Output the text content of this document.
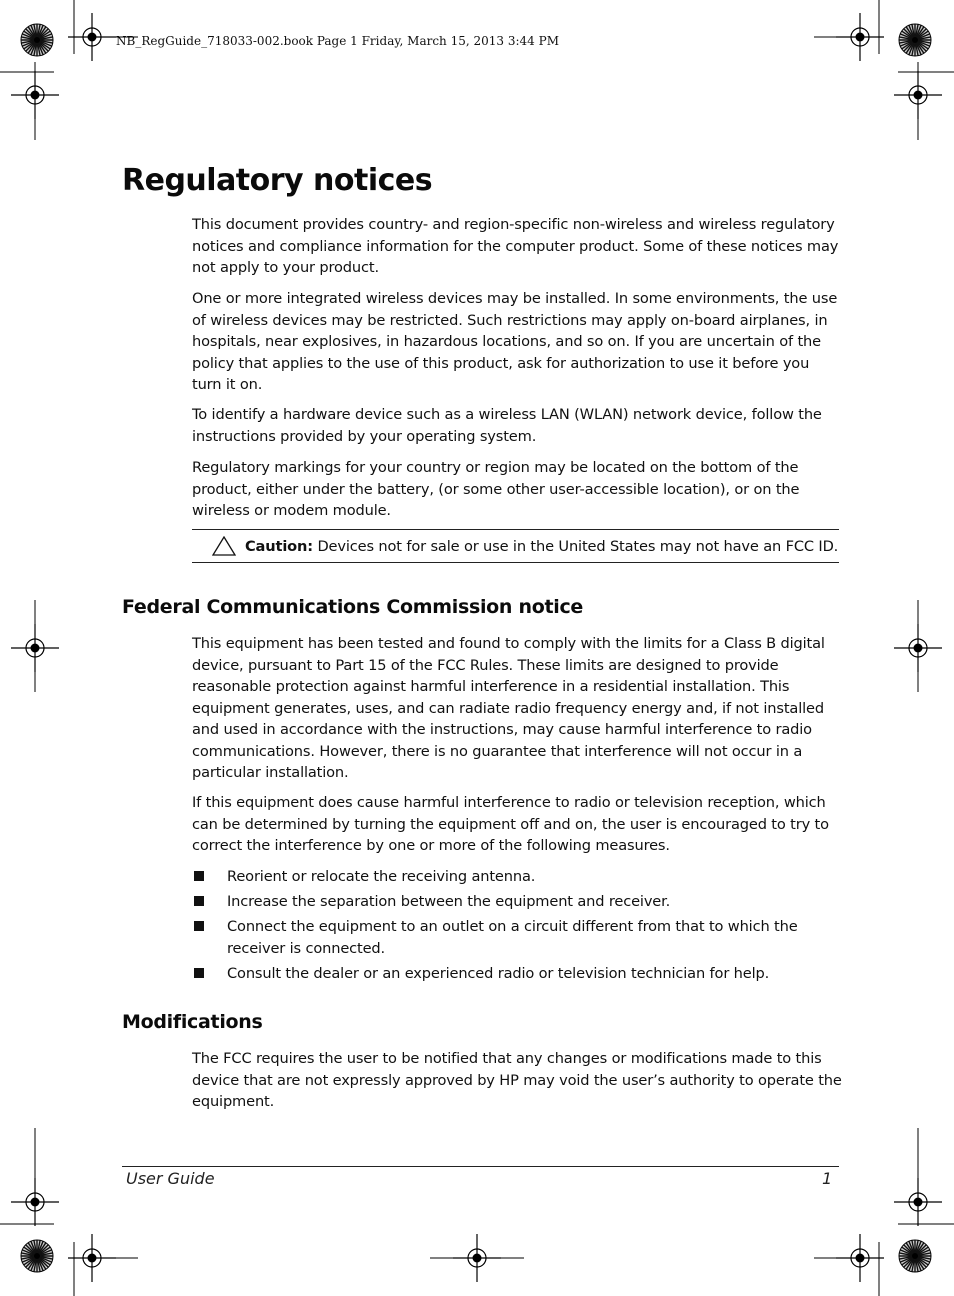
NB_RegGuide_718033-002.book Page 1 Friday, March 15, 2013 3:44 PM
Regulatory notices

This document provides country- and region-specific non-wireless and wireless regulatory notices and compliance information for the computer product. Some of these notices may not apply to your product.

One or more integrated wireless devices may be installed. In some environments, the use of wireless devices may be restricted. Such restrictions may apply on-board airplanes, in hospitals, near explosives, in hazardous locations, and so on. If you are uncertain of the policy that applies to the use of this product, ask for authorization to use it before you turn it on.

To identify a hardware device such as a wireless LAN (WLAN) network device, follow the instructions provided by your operating system.

Regulatory markings for your country or region may be located on the bottom of the product, either under the battery, (or some other user-accessible location), or on the wireless or modem module.

Caution: Devices not for sale or use in the United States may not have an FCC ID.
Federal Communications Commission notice

This equipment has been tested and found to comply with the limits for a Class B digital device, pursuant to Part 15 of the FCC Rules. These limits are designed to provide reasonable protection against harmful interference in a residential installation. This equipment generates, uses, and can radiate radio frequency energy and, if not installed and used in accordance with the instructions, may cause harmful interference to radio communications. However, there is no guarantee that interference will not occur in a particular installation.

If this equipment does cause harmful interference to radio or television reception, which can be determined by turning the equipment off and on, the user is encouraged to try to correct the interference by one or more of the following measures.

Reorient or relocate the receiving antenna.
Increase the separation between the equipment and receiver.
Connect the equipment to an outlet on a circuit different from that to which the receiver is connected.
Consult the dealer or an experienced radio or television technician for help.
Modifications

The FCC requires the user to be notified that any changes or modifications made to this device that are not expressly approved by HP may void the user’s authority to operate the equipment.

User Guide	1
